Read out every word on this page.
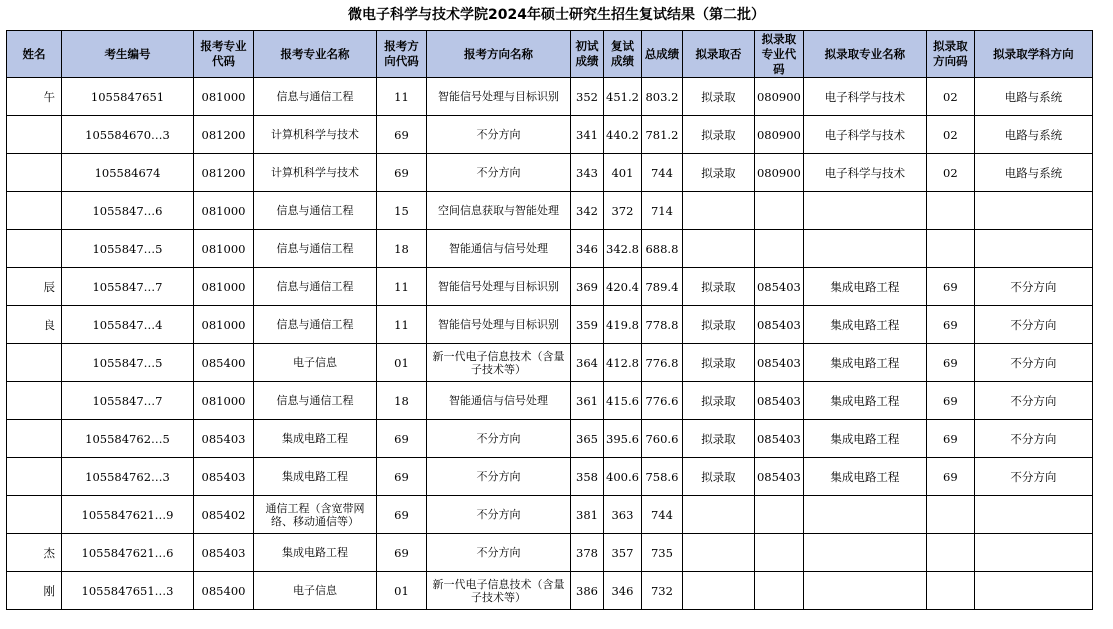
微电子科学与技术学院2024年硕士研究生招生复试结果（第二批）
姓名	考生编号	报考专业代码	报考专业名称	报考方向代码	报考方向名称	初试成绩	复试成绩	总成绩	拟录取否	拟录取专业代码	拟录取专业名称	拟录取方向码	拟录取学科方向
午	1055847651	081000	信息与通信工程	11	智能信号处理与目标识别	352	451.2	803.2	拟录取	080900	电子科学与技术	02	电路与系统
	105584670…3	081200	计算机科学与技术	69	不分方向	341	440.2	781.2	拟录取	080900	电子科学与技术	02	电路与系统
	105584674	081200	计算机科学与技术	69	不分方向	343	401	744	拟录取	080900	电子科学与技术	02	电路与系统
	1055847…6	081000	信息与通信工程	15	空间信息获取与智能处理	342	372	714					
	1055847…5	081000	信息与通信工程	18	智能通信与信号处理	346	342.8	688.8					
辰	1055847…7	081000	信息与通信工程	11	智能信号处理与目标识别	369	420.4	789.4	拟录取	085403	集成电路工程	69	不分方向
良	1055847…4	081000	信息与通信工程	11	智能信号处理与目标识别	359	419.8	778.8	拟录取	085403	集成电路工程	69	不分方向
	1055847…5	085400	电子信息	01	新一代电子信息技术（含量子技术等）	364	412.8	776.8	拟录取	085403	集成电路工程	69	不分方向
	1055847…7	081000	信息与通信工程	18	智能通信与信号处理	361	415.6	776.6	拟录取	085403	集成电路工程	69	不分方向
	105584762…5	085403	集成电路工程	69	不分方向	365	395.6	760.6	拟录取	085403	集成电路工程	69	不分方向
	105584762…3	085403	集成电路工程	69	不分方向	358	400.6	758.6	拟录取	085403	集成电路工程	69	不分方向
	1055847621…9	085402	通信工程（含宽带网络、移动通信等）	69	不分方向	381	363	744					
杰	1055847621…6	085403	集成电路工程	69	不分方向	378	357	735					
刚	1055847651…3	085400	电子信息	01	新一代电子信息技术（含量子技术等）	386	346	732					
